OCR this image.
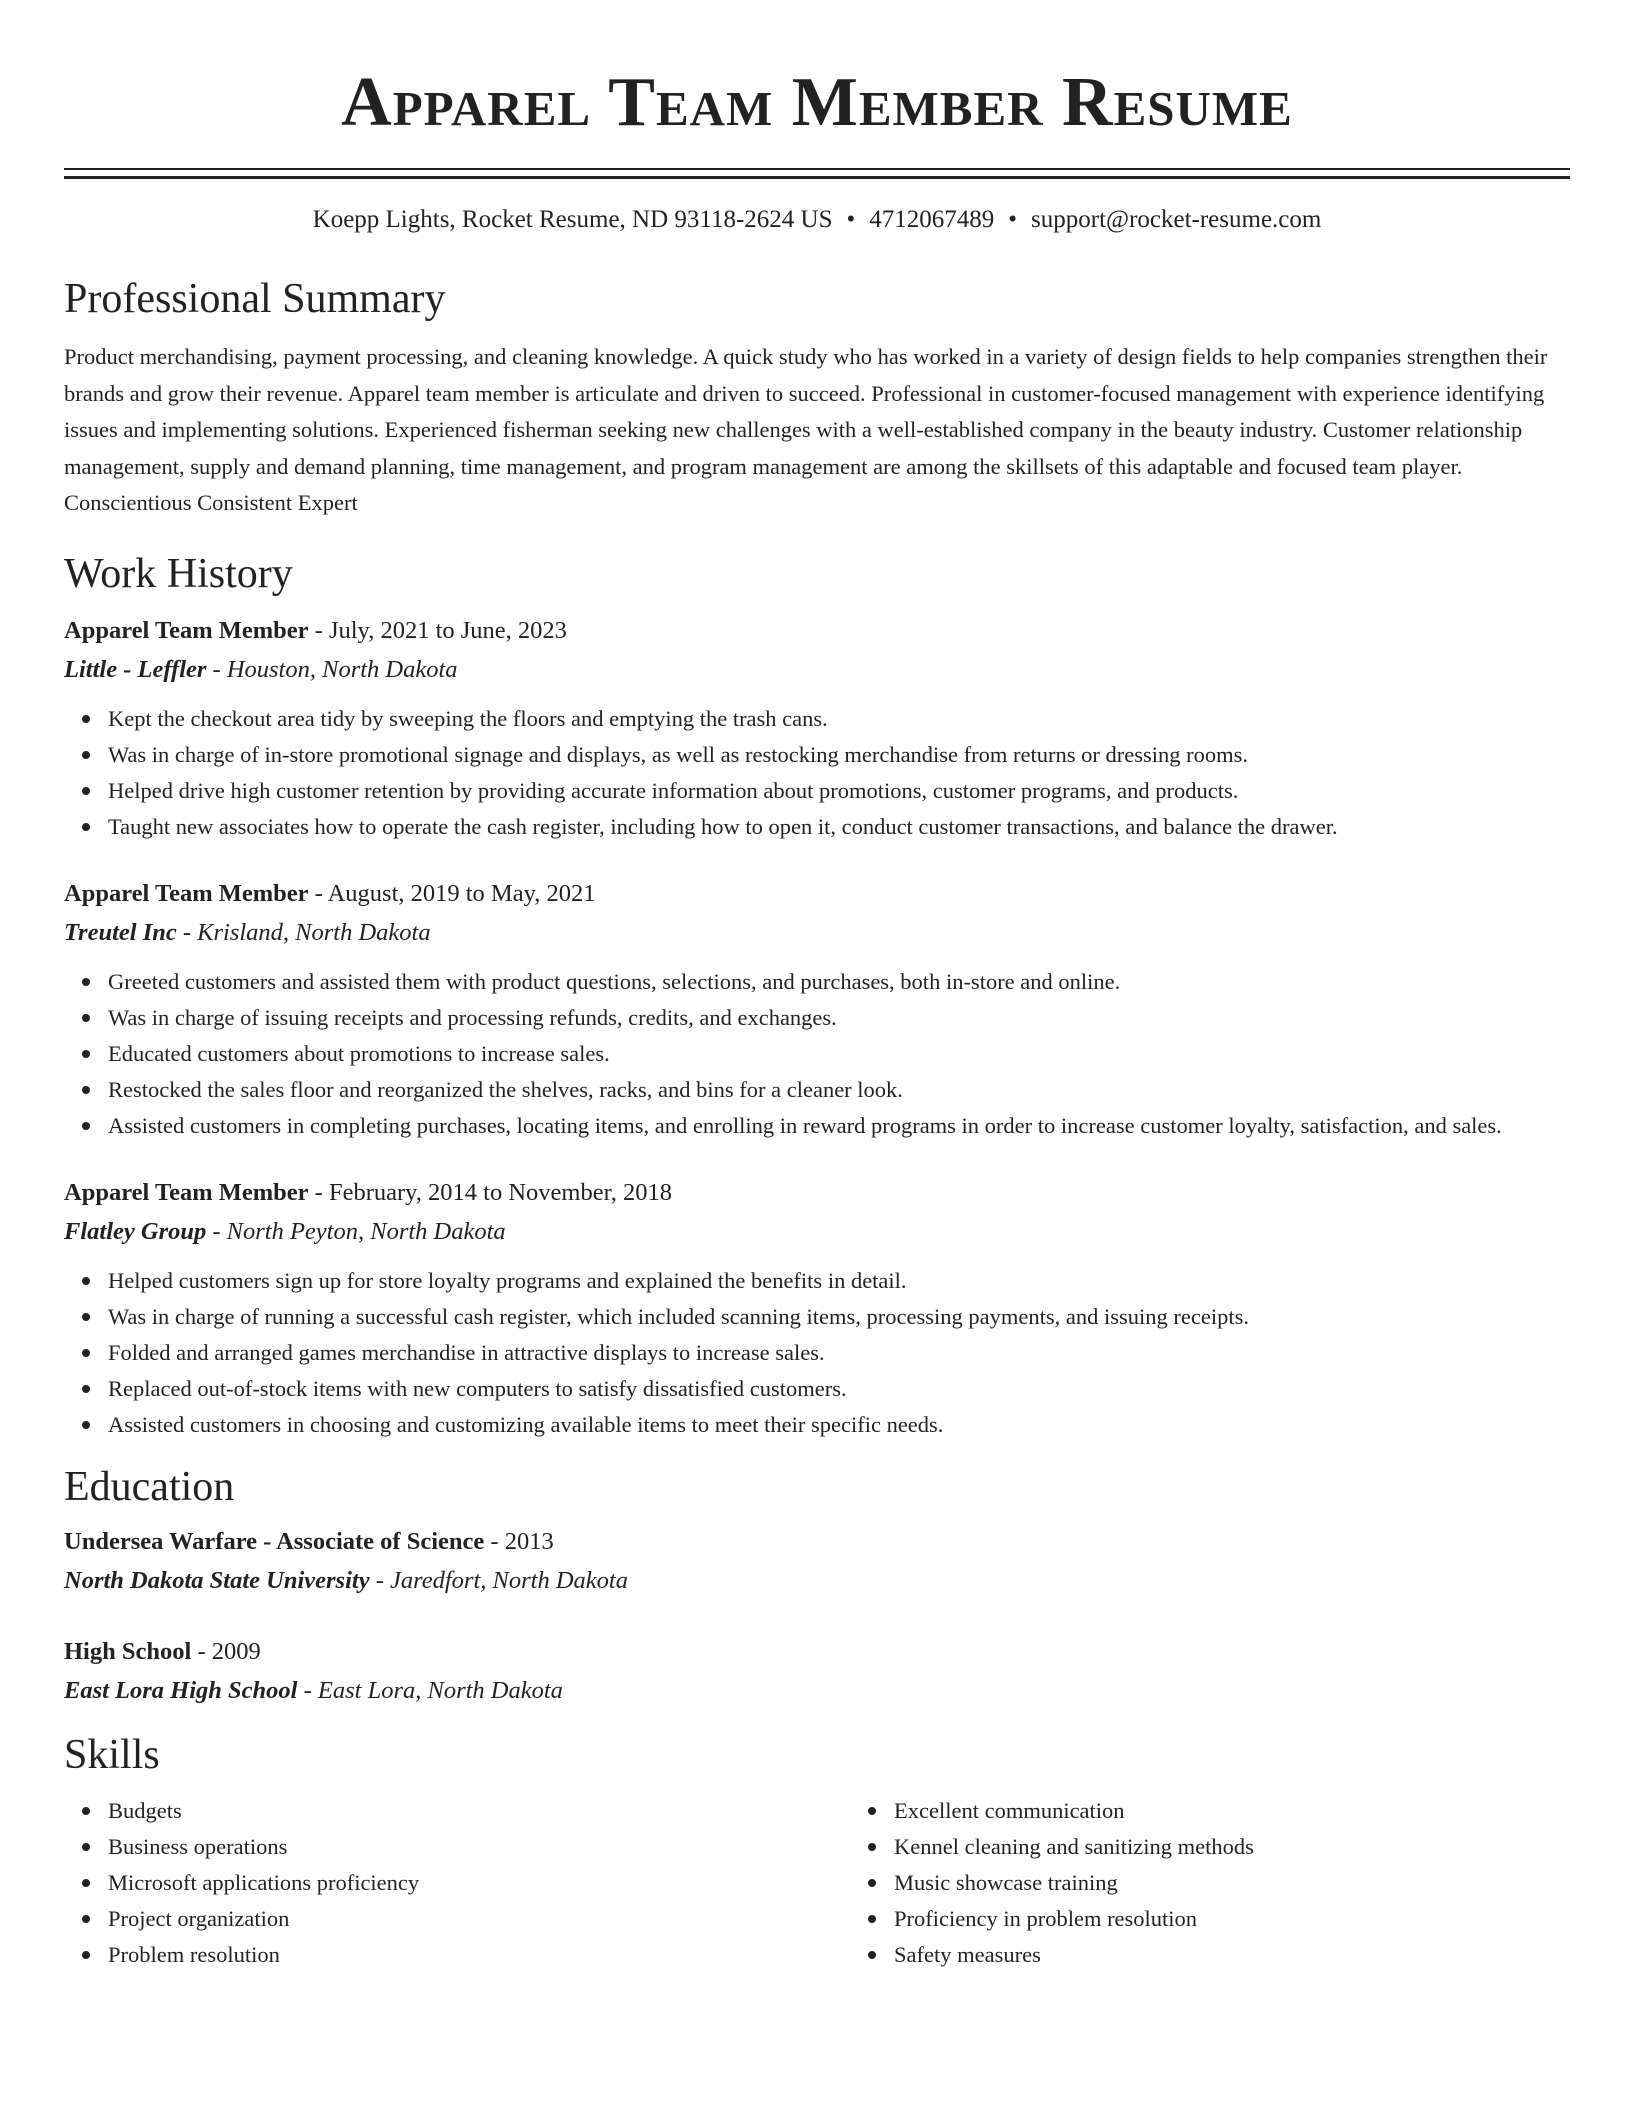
Apparel Team Member Resume
Koepp Lights, Rocket Resume, ND 93118-2624 US • 4712067489 • support@rocket-resume.com
Professional Summary

Product merchandising, payment processing, and cleaning knowledge. A quick study who has worked in a variety of design fields to help companies strengthen their brands and grow their revenue. Apparel team member is articulate and driven to succeed. Professional in customer-focused management with experience identifying issues and implementing solutions. Experienced fisherman seeking new challenges with a well-established company in the beauty industry. Customer relationship management, supply and demand planning, time management, and program management are among the skillsets of this adaptable and focused team player. Conscientious Consistent Expert

Work History
Apparel Team Member - July, 2021 to June, 2023
Little - Leffler - Houston, North Dakota
Kept the checkout area tidy by sweeping the floors and emptying the trash cans.
Was in charge of in-store promotional signage and displays, as well as restocking merchandise from returns or dressing rooms.
Helped drive high customer retention by providing accurate information about promotions, customer programs, and products.
Taught new associates how to operate the cash register, including how to open it, conduct customer transactions, and balance the drawer.
Apparel Team Member - August, 2019 to May, 2021
Treutel Inc - Krisland, North Dakota
Greeted customers and assisted them with product questions, selections, and purchases, both in-store and online.
Was in charge of issuing receipts and processing refunds, credits, and exchanges.
Educated customers about promotions to increase sales.
Restocked the sales floor and reorganized the shelves, racks, and bins for a cleaner look.
Assisted customers in completing purchases, locating items, and enrolling in reward programs in order to increase customer loyalty, satisfaction, and sales.
Apparel Team Member - February, 2014 to November, 2018
Flatley Group - North Peyton, North Dakota
Helped customers sign up for store loyalty programs and explained the benefits in detail.
Was in charge of running a successful cash register, which included scanning items, processing payments, and issuing receipts.
Folded and arranged games merchandise in attractive displays to increase sales.
Replaced out-of-stock items with new computers to satisfy dissatisfied customers.
Assisted customers in choosing and customizing available items to meet their specific needs.
Education
Undersea Warfare - Associate of Science - 2013
North Dakota State University - Jaredfort, North Dakota
High School - 2009
East Lora High School - East Lora, North Dakota
Skills
Budgets
Business operations
Microsoft applications proficiency
Project organization
Problem resolution
Excellent communication
Kennel cleaning and sanitizing methods
Music showcase training
Proficiency in problem resolution
Safety measures
